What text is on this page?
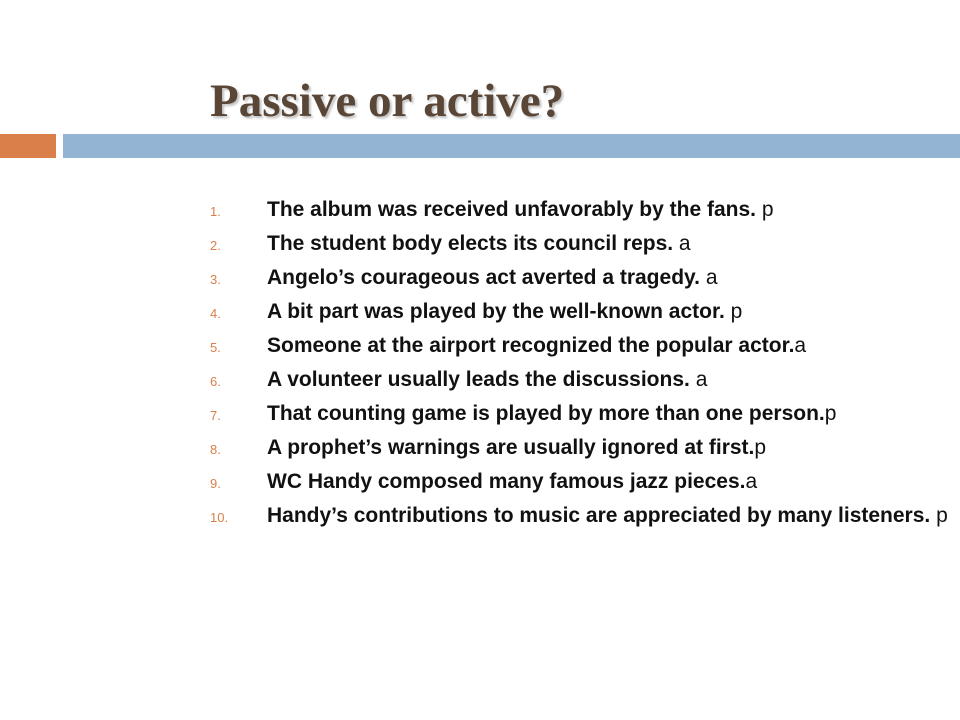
Passive or active?
1. The album was received unfavorably by the fans. p
2. The student body elects its council reps. a
3. Angelo’s courageous act averted a tragedy. a
4. A bit part was played by the well-known actor. p
5. Someone at the airport recognized the popular actor.a
6. A volunteer usually leads the discussions. a
7. That counting game is played by more than one person.p
8. A prophet’s warnings are usually ignored at first.p
9. WC Handy composed many famous jazz pieces.a
10. Handy’s contributions to music are appreciated by many listeners. p
